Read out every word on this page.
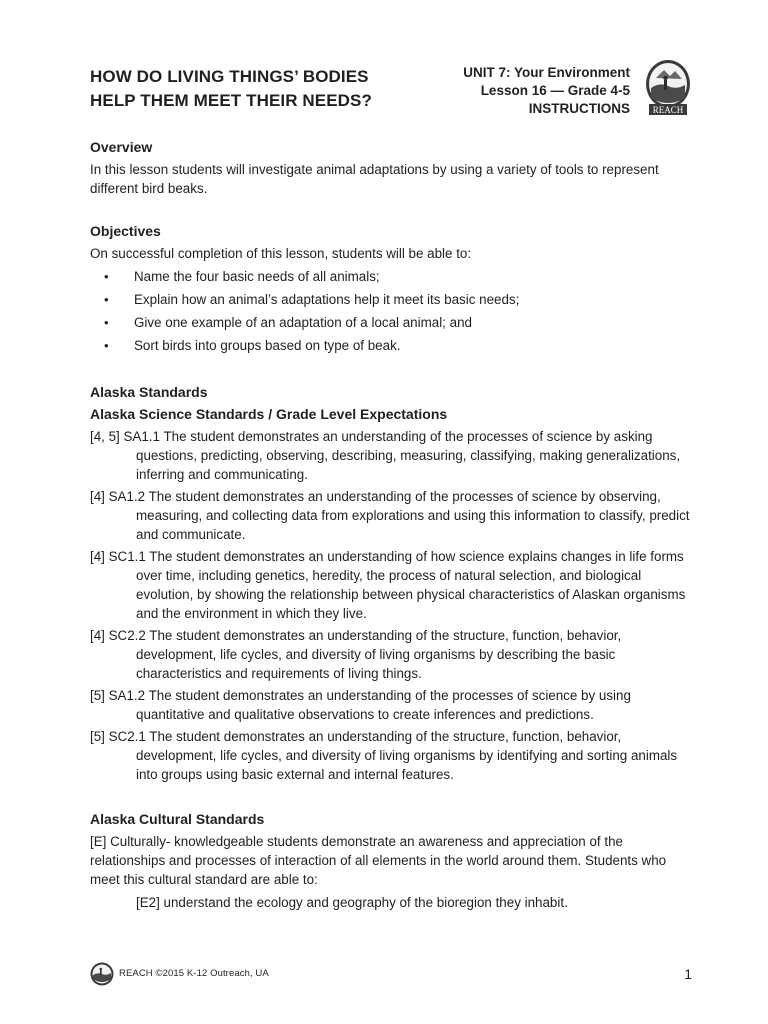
HOW DO LIVING THINGS’ BODIES
HELP THEM MEET THEIR NEEDS?
UNIT 7: Your Environment
Lesson 16 — Grade 4-5
INSTRUCTIONS	REACH
Overview

In this lesson students will investigate animal adaptations by using a variety of tools to represent different bird beaks.

Objectives

On successful completion of this lesson, students will be able to:

• Name the four basic needs of all animals;
• Explain how an animal’s adaptations help it meet its basic needs;
• Give one example of an adaptation of a local animal; and
• Sort birds into groups based on type of beak.
Alaska Standards
Alaska Science Standards / Grade Level Expectations

[4, 5] SA1.1 The student demonstrates an understanding of the processes of science by asking questions, predicting, observing, describing, measuring, classifying, making generalizations, inferring and communicating.

[4] SA1.2 The student demonstrates an understanding of the processes of science by observing, measuring, and collecting data from explorations and using this information to classify, predict and communicate.

[4] SC1.1 The student demonstrates an understanding of how science explains changes in life forms over time, including genetics, heredity, the process of natural selection, and biological evolution, by showing the relationship between physical characteristics of Alaskan organisms and the environment in which they live.

[4] SC2.2 The student demonstrates an understanding of the structure, function, behavior, development, life cycles, and diversity of living organisms by describing the basic characteristics and requirements of living things.

[5] SA1.2 The student demonstrates an understanding of the processes of science by using quantitative and qualitative observations to create inferences and predictions.

[5] SC2.1 The student demonstrates an understanding of the structure, function, behavior, development, life cycles, and diversity of living organisms by identifying and sorting animals into groups using basic external and internal features.

Alaska Cultural Standards

[E] Culturally- knowledgeable students demonstrate an awareness and appreciation of the relationships and processes of interaction of all elements in the world around them. Students who meet this cultural standard are able to:

[E2] understand the ecology and geography of the bioregion they inhabit.

REACH ©2015 K-12 Outreach, UA	1
